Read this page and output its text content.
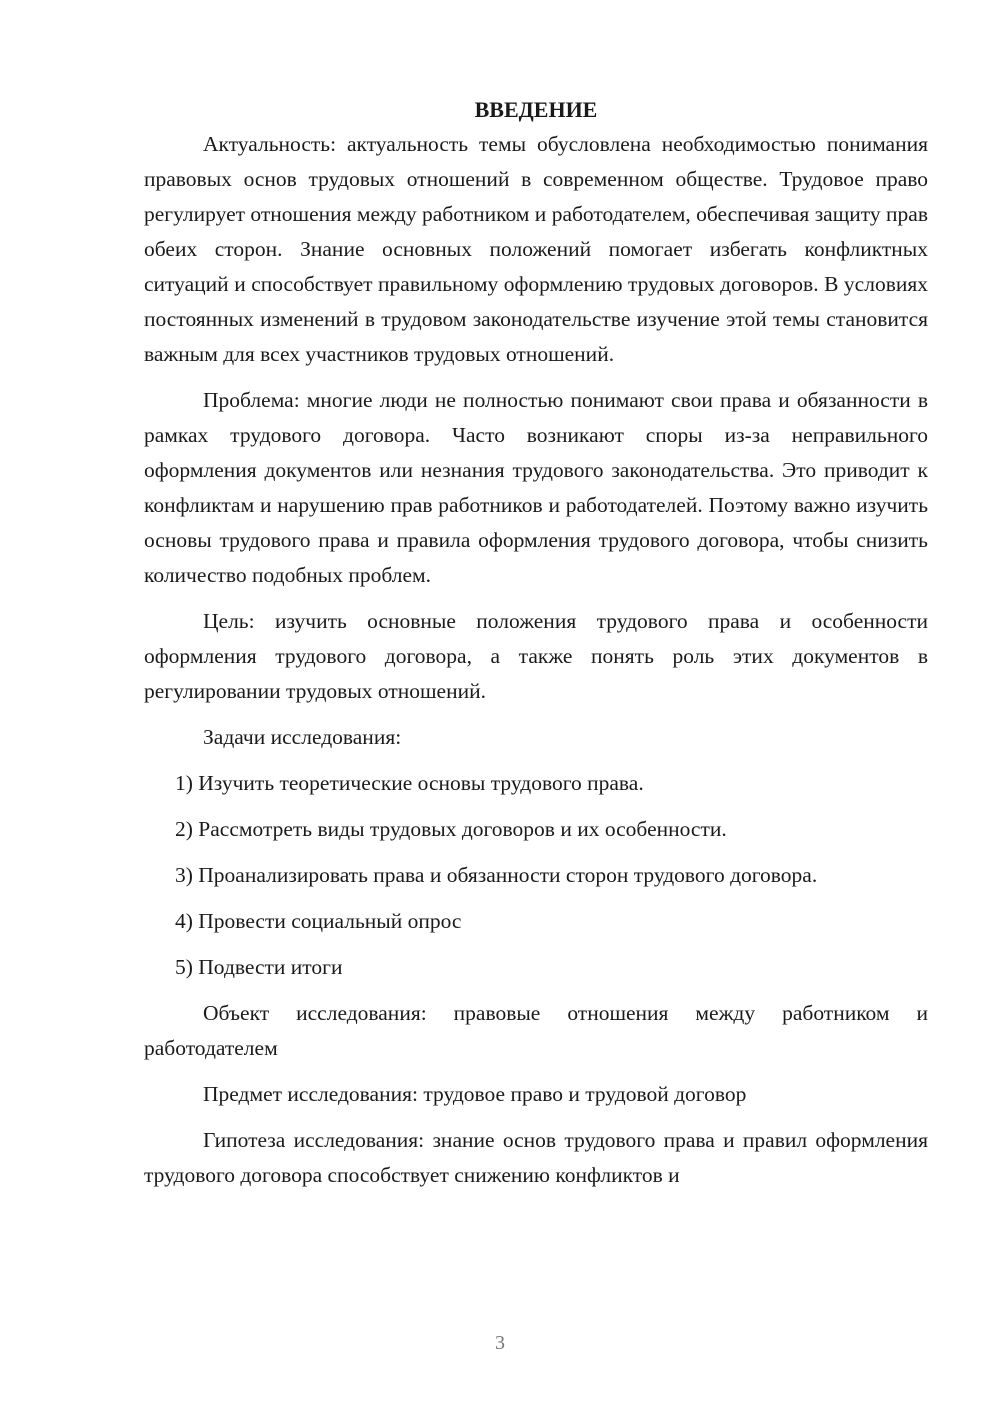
ВВЕДЕНИЕ

Актуальность: актуальность темы обусловлена необходимостью понимания правовых основ трудовых отношений в современном обществе. Трудовое право регулирует отношения между работником и работодателем, обеспечивая защиту прав обеих сторон. Знание основных положений помогает избегать конфликтных ситуаций и способствует правильному оформлению трудовых договоров. В условиях постоянных изменений в трудовом законодательстве изучение этой темы становится важным для всех участников трудовых отношений.

Проблема: многие люди не полностью понимают свои права и обязанности в рамках трудового договора. Часто возникают споры из-за неправильного оформления документов или незнания трудового законодательства. Это приводит к конфликтам и нарушению прав работников и работодателей. Поэтому важно изучить основы трудового права и правила оформления трудового договора, чтобы снизить количество подобных проблем.

Цель: изучить основные положения трудового права и особенности оформления трудового договора, а также понять роль этих документов в регулировании трудовых отношений.

Задачи исследования:

1) Изучить теоретические основы трудового права.

2) Рассмотреть виды трудовых договоров и их особенности.

3) Проанализировать права и обязанности сторон трудового договора.

4) Провести социальный опрос

5) Подвести итоги

Объект исследования: правовые отношения между работником и работодателем

Предмет исследования: трудовое право и трудовой договор

Гипотеза исследования: знание основ трудового права и правил оформления трудового договора способствует снижению конфликтов и

3
